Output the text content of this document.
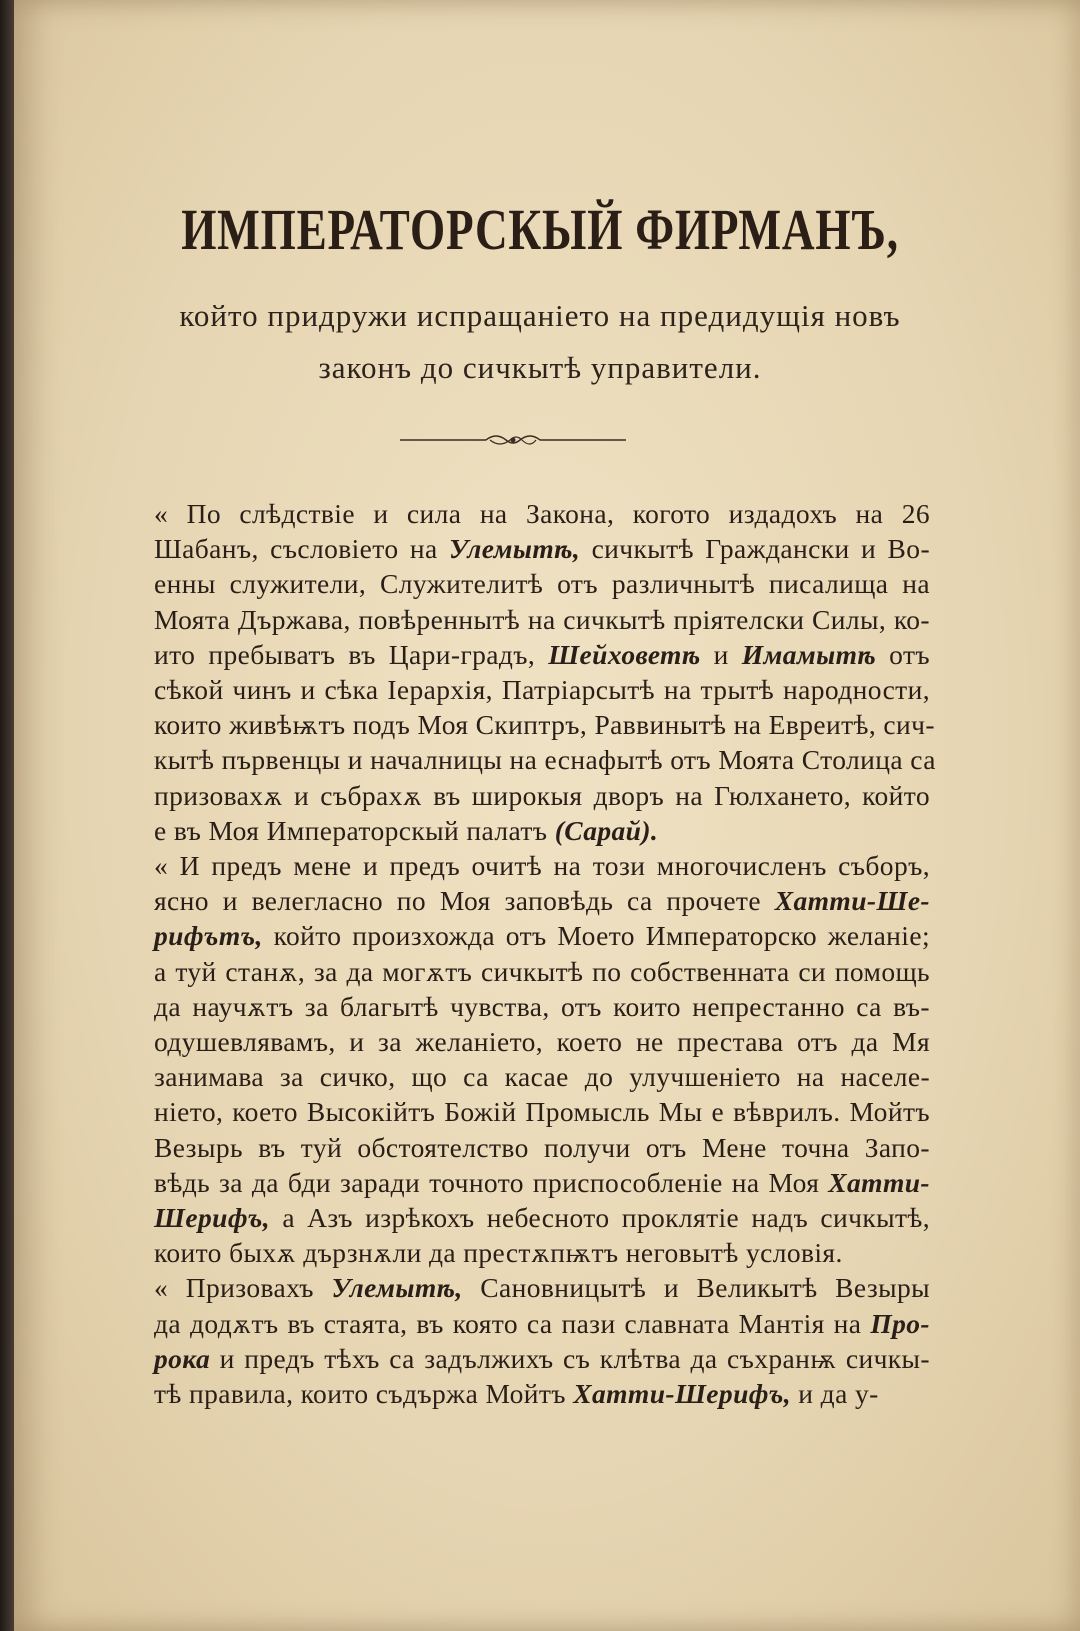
ИМПЕРАТОРСКЫЙ ФИРМАНЪ,
който придружи испращанieто на предидущiя новъ
законъ до сичкытѣ управители.

« По слѣдствie и сила на Закона, когото издадохъ на 26
Шабанъ, съсловieто на Улемытѣ, сичкытѣ Граждански и Во-
енны служители, Служителитѣ отъ различнытѣ писалища на
Моята Държава, повѣреннытѣ на сичкытѣ прiятелски Силы, ко-
ито пребыватъ въ Цари-градъ, Шейховетѣ и Имамытѣ отъ
сѣкой чинъ и сѣка Iерархiя, Патрiарсытѣ на трытѣ народности,
които живѣѭтъ подъ Моя Скиптръ, Раввинытѣ на Евреитѣ, сич-
кытѣ първенцы и началницы на еснафытѣ отъ Моята Столица са
призовахѫ и събрахѫ въ широкыя дворъ на Гюлхането, който
е въ Моя Императорскый палатъ (Сарай).

« И предъ мене и предъ очитѣ на този многочисленъ съборъ,
ясно и велегласно по Моя заповѣдь са прочете Хатти-Ше-
рифътъ, който произхожда отъ Моето Императорско желанie;
а туй станѫ, за да могѫтъ сичкытѣ по собственната си помощь
да научѫтъ за благытѣ чувства, отъ които непрестанно са въ-
одушевлявамъ, и за желанieто, което не престава отъ да Мя
занимава за сичко, що са касае до улучшенieто на населе-
нieто, което Высокiйтъ Божiй Промысль Мы е вѣврилъ. Мойтъ
Везырь въ туй обстоятелство получи отъ Мене точна Запо-
вѣдь за да бди заради точното приспособленie на Моя Хатти-
Шерифъ, а Азъ изрѣкохъ небесното проклятie надъ сичкытѣ,
които быхѫ дързнѫли да престѫпѭтъ неговытѣ условiя.

« Призовахъ Улемытѣ, Сановницытѣ и Великытѣ Везыры
да додѫтъ въ стаята, въ която са пази славната Мантiя на Про-
рока и предъ тѣхъ са задължихъ съ клѣтва да съхранѭ сичкы-
тѣ правила, които съдържа Мойтъ Хатти-Шерифъ, и да у-
